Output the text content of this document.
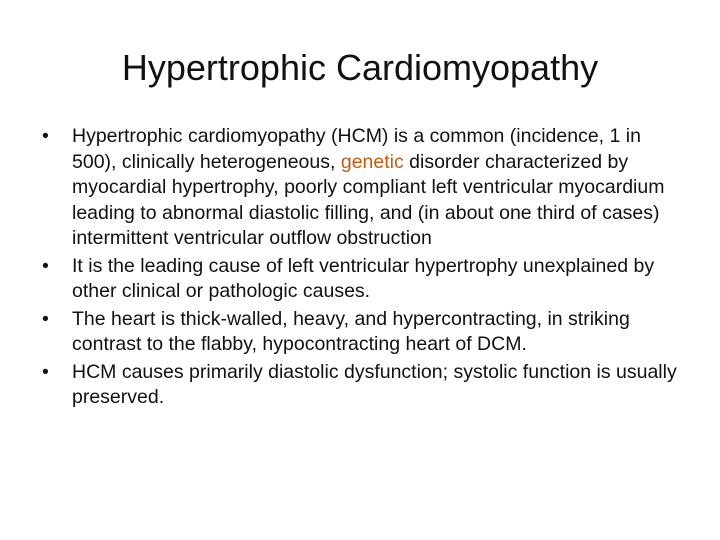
Hypertrophic Cardiomyopathy
• Hypertrophic cardiomyopathy (HCM) is a common (incidence, 1 in 500), clinically heterogeneous, genetic disorder characterized by myocardial hypertrophy, poorly compliant left ventricular myocardium leading to abnormal diastolic filling, and (in about one third of cases) intermittent ventricular outflow obstruction
• It is the leading cause of left ventricular hypertrophy unexplained by other clinical or pathologic causes.
• The heart is thick-walled, heavy, and hypercontracting, in striking contrast to the flabby, hypocontracting heart of DCM.
• HCM causes primarily diastolic dysfunction; systolic function is usually preserved.
